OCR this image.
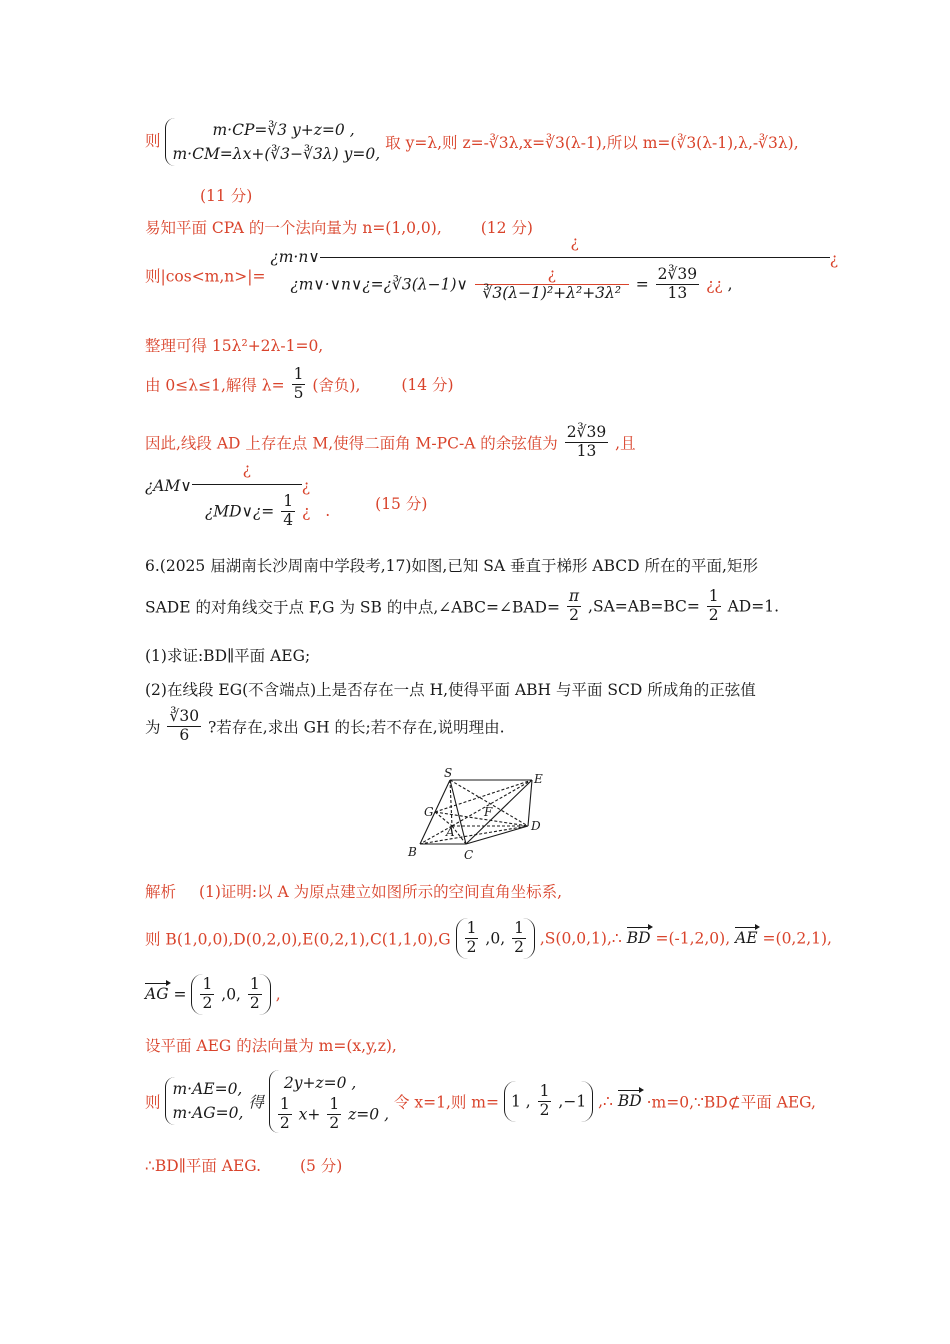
则
m·CP=∛3 y+z=0 ,
m·CM=λx+(∛3−∛3λ) y=0,
取 y=λ,则 z=-∛3λ,x=∛3(λ-1),所以 m=(∛3(λ-1),λ,-∛3λ),
(11 分)
易知平面 CPA 的一个法向量为 n=(1,0,0),	(12 分)
则|cos<m,n>|=
¿m·n∨
¿
¿
¿m∨·∨n∨¿=¿∛3(λ−1)∨ $\frac{¿}{\text{∛3(λ−1)²+λ²+3λ²}} = \frac{2∛39}{13}$ ¿¿ ,
整理可得 15λ²+2λ-1=0,
由 0≤λ≤1,解得 $\lambda= \frac{1}{5}$ (舍负),	(14 分)
因此,线段 AD 上存在点 M,使得二面角 M-PC-A 的余弦值为 $\frac{2∛39}{13}$ ,且
¿AM∨
¿
¿
¿MD∨¿= $\frac{1}{4}$ ¿ .	(15 分)
6.(2025 届湖南长沙周南中学段考,17)如图,已知 SA 垂直于梯形 ABCD 所在的平面,矩形
SADE 的对角线交于点 F,G 为 SB 的中点,∠ABC=∠BAD= $\frac{\pi}{2} ,SA=AB=BC= \frac{1}{2} AD=1$.
(1)求证:BD∥平面 AEG;
(2)在线段 EG(不含端点)上是否存在一点 H,使得平面 ABH 与平面 SCD 所成角的正弦值
为 $\frac{∛30}{6}$ ?若存在,求出 GH 的长;若不存在,说明理由.
S	E
G	F
A	D
B	C
解析 (1)证明:以 A 为原点建立如图所示的空间直角坐标系,
则 $B(1,0,0),D(0,2,0),E(0,2,1),C(1,1,0),G \frac{1}{2} ,0$, $\frac{1}{2}$ ,S(0,0,1),∴ BD =(-1,2,0), AE =(0,2,1),
AG = $\frac{1}{2} ,0$, $\frac{1}{2}$ ,
设平面 AEG 的法向量为 m=(x,y,z),
则
m·AE=0,
m·AG=0,
得
2y+z=0 ,
$\frac{1}{2} x+ \frac{1}{2} z=0$ ,
令 x=1,则 m= 1 , $\frac{1}{2} ,-1$ ,∴ BD ·m=0,∵BD⊄平面 AEG,
∴BD∥平面 AEG.	(5 分)
